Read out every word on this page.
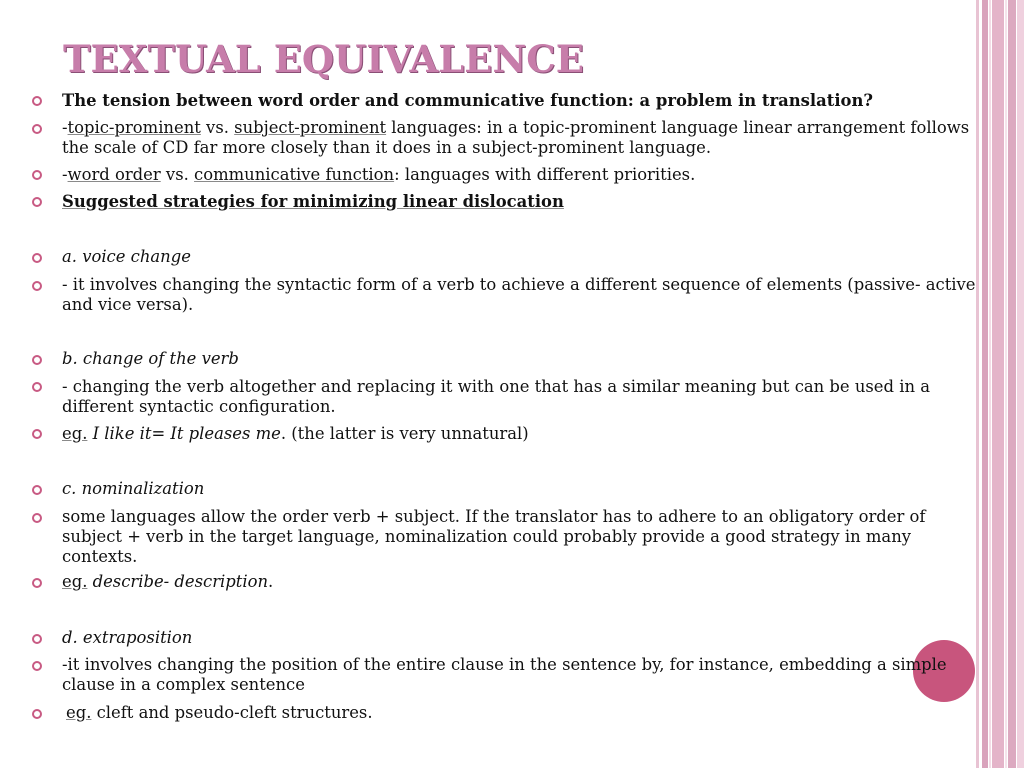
TEXTUAL EQUIVALENCE
The tension between word order and communicative function: a problem in translation?
-topic-prominent vs. subject-prominent languages: in a topic-prominent language linear arrangement follows the scale of CD far more closely than it does in a subject-prominent language.
-word order vs. communicative function: languages with different priorities.
Suggested strategies for minimizing linear dislocation
a. voice change
- it involves changing the syntactic form of a verb to achieve a different sequence of elements (passive- active and vice versa).
b. change of the verb
- changing the verb altogether and replacing it with one that has a similar meaning but can be used in a different syntactic configuration.
eg. I like it= It pleases me. (the latter is very unnatural)
c. nominalization
some languages allow the order verb + subject. If the translator has to adhere to an obligatory order of subject + verb in the target language, nominalization could probably provide a good strategy in many contexts.
eg. describe- description.
d. extraposition
-it involves changing the position of the entire clause in the sentence by, for instance, embedding a simple clause in a complex sentence
eg. cleft and pseudo-cleft structures.
